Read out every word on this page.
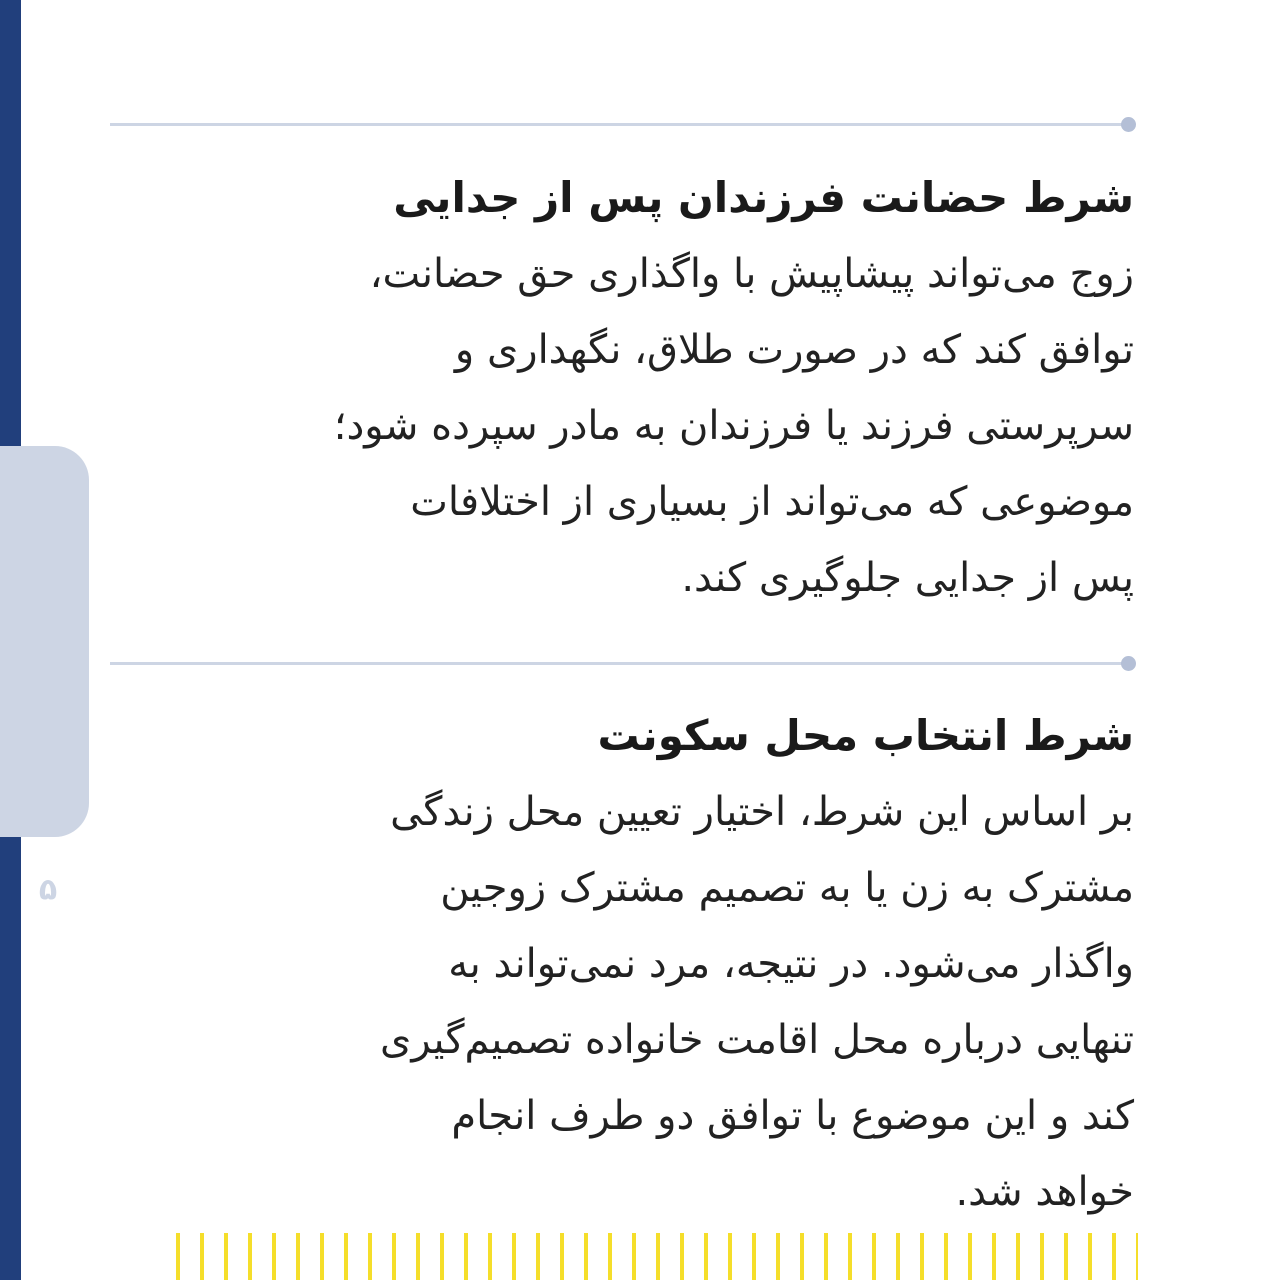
dadban.info
۵
شرط حضانت فرزندان پس از جدایی

زوج می‌تواند پیشاپیش با واگذاری حق حضانت،
توافق کند که در صورت طلاق، نگهداری و
سرپرستی فرزند یا فرزندان به مادر سپرده شود؛
موضوعی که می‌تواند از بسیاری از اختلافات
پس از جدایی جلوگیری کند.

شرط انتخاب محل سکونت

بر اساس این شرط، اختیار تعیین محل زندگی
مشترک به زن یا به تصمیم مشترک زوجین
واگذار می‌شود. در نتیجه، مرد نمی‌تواند به
تنهایی درباره محل اقامت خانواده تصمیم‌گیری
کند و این موضوع با توافق دو طرف انجام
خواهد شد.
